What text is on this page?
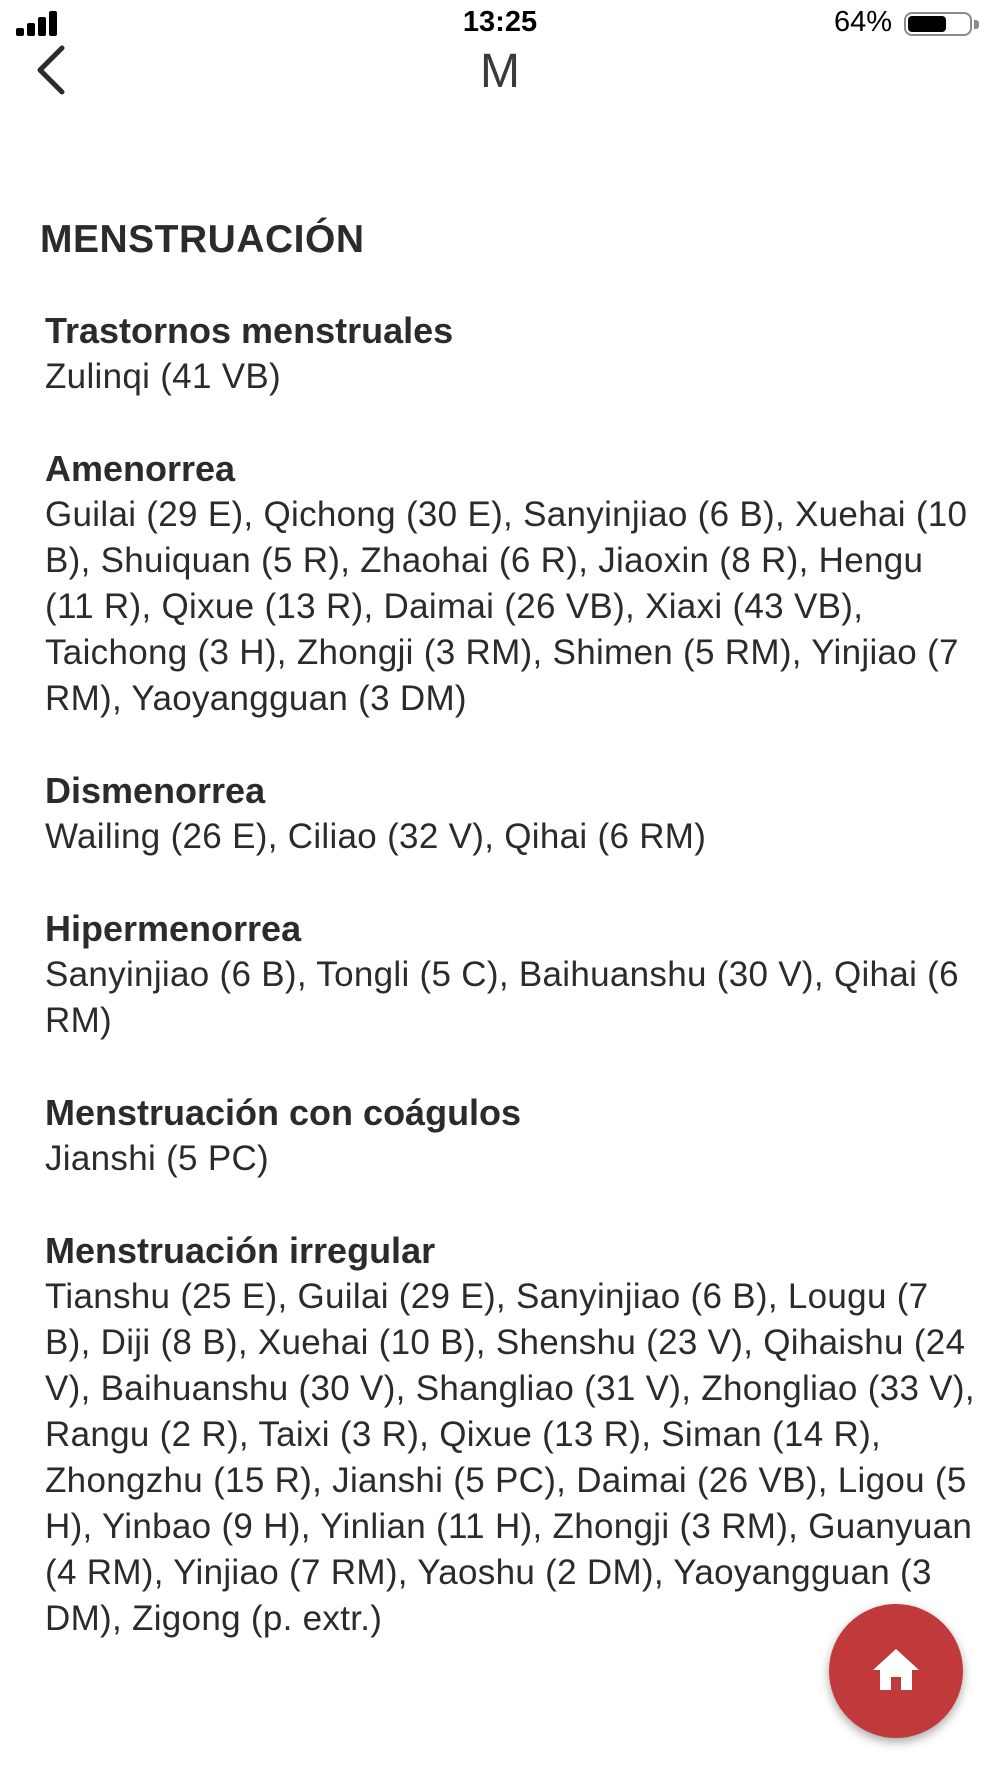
13:25	64%
M
MENSTRUACIÓN
Trastornos menstruales
Zulinqi (41 VB)
Amenorrea
Guilai (29 E), Qichong (30 E), Sanyinjiao (6 B), Xuehai (10 B), Shuiquan (5 R), Zhaohai (6 R), Jiaoxin (8 R), Hengu (11 R), Qixue (13 R), Daimai (26 VB), Xiaxi (43 VB), Taichong (3 H), Zhongji (3 RM), Shimen (5 RM), Yinjiao (7 RM), Yaoyangguan (3 DM)
Dismenorrea
Wailing (26 E), Ciliao (32 V), Qihai (6 RM)
Hipermenorrea
Sanyinjiao (6 B), Tongli (5 C), Baihuanshu (30 V), Qihai (6 RM)
Menstruación con coágulos
Jianshi (5 PC)
Menstruación irregular
Tianshu (25 E), Guilai (29 E), Sanyinjiao (6 B), Lougu (7 B), Diji (8 B), Xuehai (10 B), Shenshu (23 V), Qihaishu (24 V), Baihuanshu (30 V), Shangliao (31 V), Zhongliao (33 V), Rangu (2 R), Taixi (3 R), Qixue (13 R), Siman (14 R), Zhongzhu (15 R), Jianshi (5 PC), Daimai (26 VB), Ligou (5 H), Yinbao (9 H), Yinlian (11 H), Zhongji (3 RM), Guanyuan (4 RM), Yinjiao (7 RM), Yaoshu (2 DM), Yaoyangguan (3 DM), Zigong (p. extr.)
